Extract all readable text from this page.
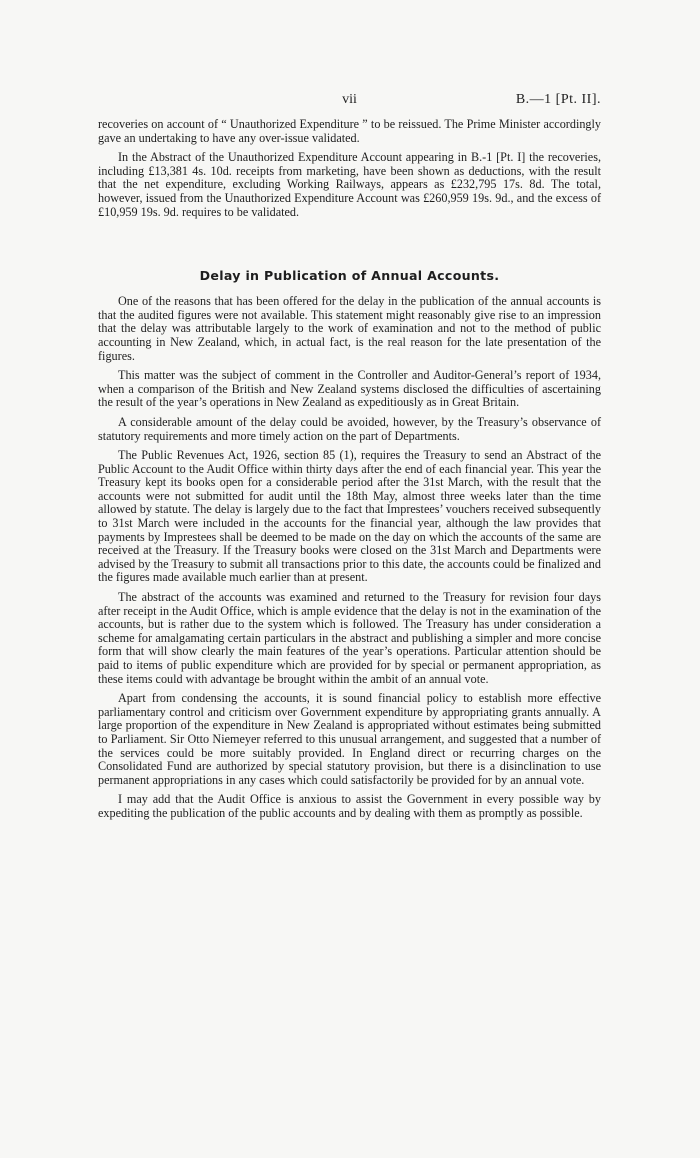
vii	B.—1 [Pt. II].

recoveries on account of “ Unauthorized Expenditure ” to be reissued. The Prime Minister accordingly gave an undertaking to have any over-issue validated.

In the Abstract of the Unauthorized Expenditure Account appearing in B.-1 [Pt. I] the recoveries, including £13,381 4s. 10d. receipts from marketing, have been shown as deductions, with the result that the net expenditure, excluding Working Railways, appears as £232,795 17s. 8d. The total, however, issued from the Unauthorized Expenditure Account was £260,959 19s. 9d., and the excess of £10,959 19s. 9d. requires to be validated.

Delay in Publication of Annual Accounts.

One of the reasons that has been offered for the delay in the publication of the annual accounts is that the audited figures were not available. This statement might reasonably give rise to an impression that the delay was attributable largely to the work of examination and not to the method of public accounting in New Zealand, which, in actual fact, is the real reason for the late presentation of the figures.

This matter was the subject of comment in the Controller and Auditor-General’s report of 1934, when a comparison of the British and New Zealand systems disclosed the difficulties of ascertaining the result of the year’s operations in New Zealand as expeditiously as in Great Britain.

A considerable amount of the delay could be avoided, however, by the Treasury’s observance of statutory requirements and more timely action on the part of Departments.

The Public Revenues Act, 1926, section 85 (1), requires the Treasury to send an Abstract of the Public Account to the Audit Office within thirty days after the end of each financial year. This year the Treasury kept its books open for a considerable period after the 31st March, with the result that the accounts were not submitted for audit until the 18th May, almost three weeks later than the time allowed by statute. The delay is largely due to the fact that Imprestees’ vouchers received subsequently to 31st March were included in the accounts for the financial year, although the law provides that payments by Imprestees shall be deemed to be made on the day on which the accounts of the same are received at the Treasury. If the Treasury books were closed on the 31st March and Departments were advised by the Treasury to submit all transactions prior to this date, the accounts could be finalized and the figures made available much earlier than at present.

The abstract of the accounts was examined and returned to the Treasury for revision four days after receipt in the Audit Office, which is ample evidence that the delay is not in the examination of the accounts, but is rather due to the system which is followed. The Treasury has under consideration a scheme for amalgamating certain particulars in the abstract and publishing a simpler and more concise form that will show clearly the main features of the year’s operations. Particular attention should be paid to items of public expenditure which are provided for by special or permanent appropriation, as these items could with advantage be brought within the ambit of an annual vote.

Apart from condensing the accounts, it is sound financial policy to establish more effective parliamentary control and criticism over Government expenditure by appropriating grants annually. A large proportion of the expenditure in New Zealand is appropriated without estimates being submitted to Parliament. Sir Otto Niemeyer referred to this unusual arrangement, and suggested that a number of the services could be more suitably provided. In England direct or recurring charges on the Consolidated Fund are authorized by special statutory provision, but there is a disinclination to use permanent appropriations in any cases which could satisfactorily be provided for by an annual vote.

I may add that the Audit Office is anxious to assist the Government in every possible way by expediting the publication of the public accounts and by dealing with them as promptly as possible.
